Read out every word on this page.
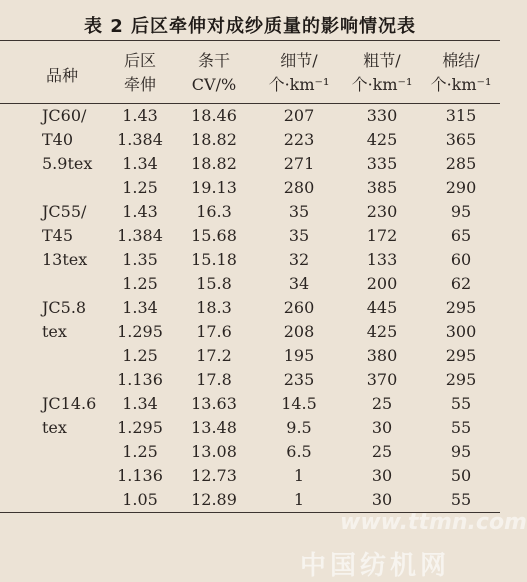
表 2 后区牵伸对成纱质量的影响情况表
品种	后区	条干	细节/	粗节/	棉结/
	牵伸	CV/%	个·km⁻¹	个·km⁻¹	个·km⁻¹
JC60/	1.43	18.46	207	330	315
T40	1.384	18.82	223	425	365
5.9tex	1.34	18.82	271	335	285
	1.25	19.13	280	385	290
JC55/	1.43	16.3	35	230	95
T45	1.384	15.68	35	172	65
13tex	1.35	15.18	32	133	60
	1.25	15.8	34	200	62
JC5.8	1.34	18.3	260	445	295
tex	1.295	17.6	208	425	300
	1.25	17.2	195	380	295
	1.136	17.8	235	370	295
JC14.6	1.34	13.63	14.5	25	55
tex	1.295	13.48	9.5	30	55
	1.25	13.08	6.5	25	95
	1.136	12.73	1	30	50
	1.05	12.89	1	30	55
www.ttmn.com
中国纺机网
